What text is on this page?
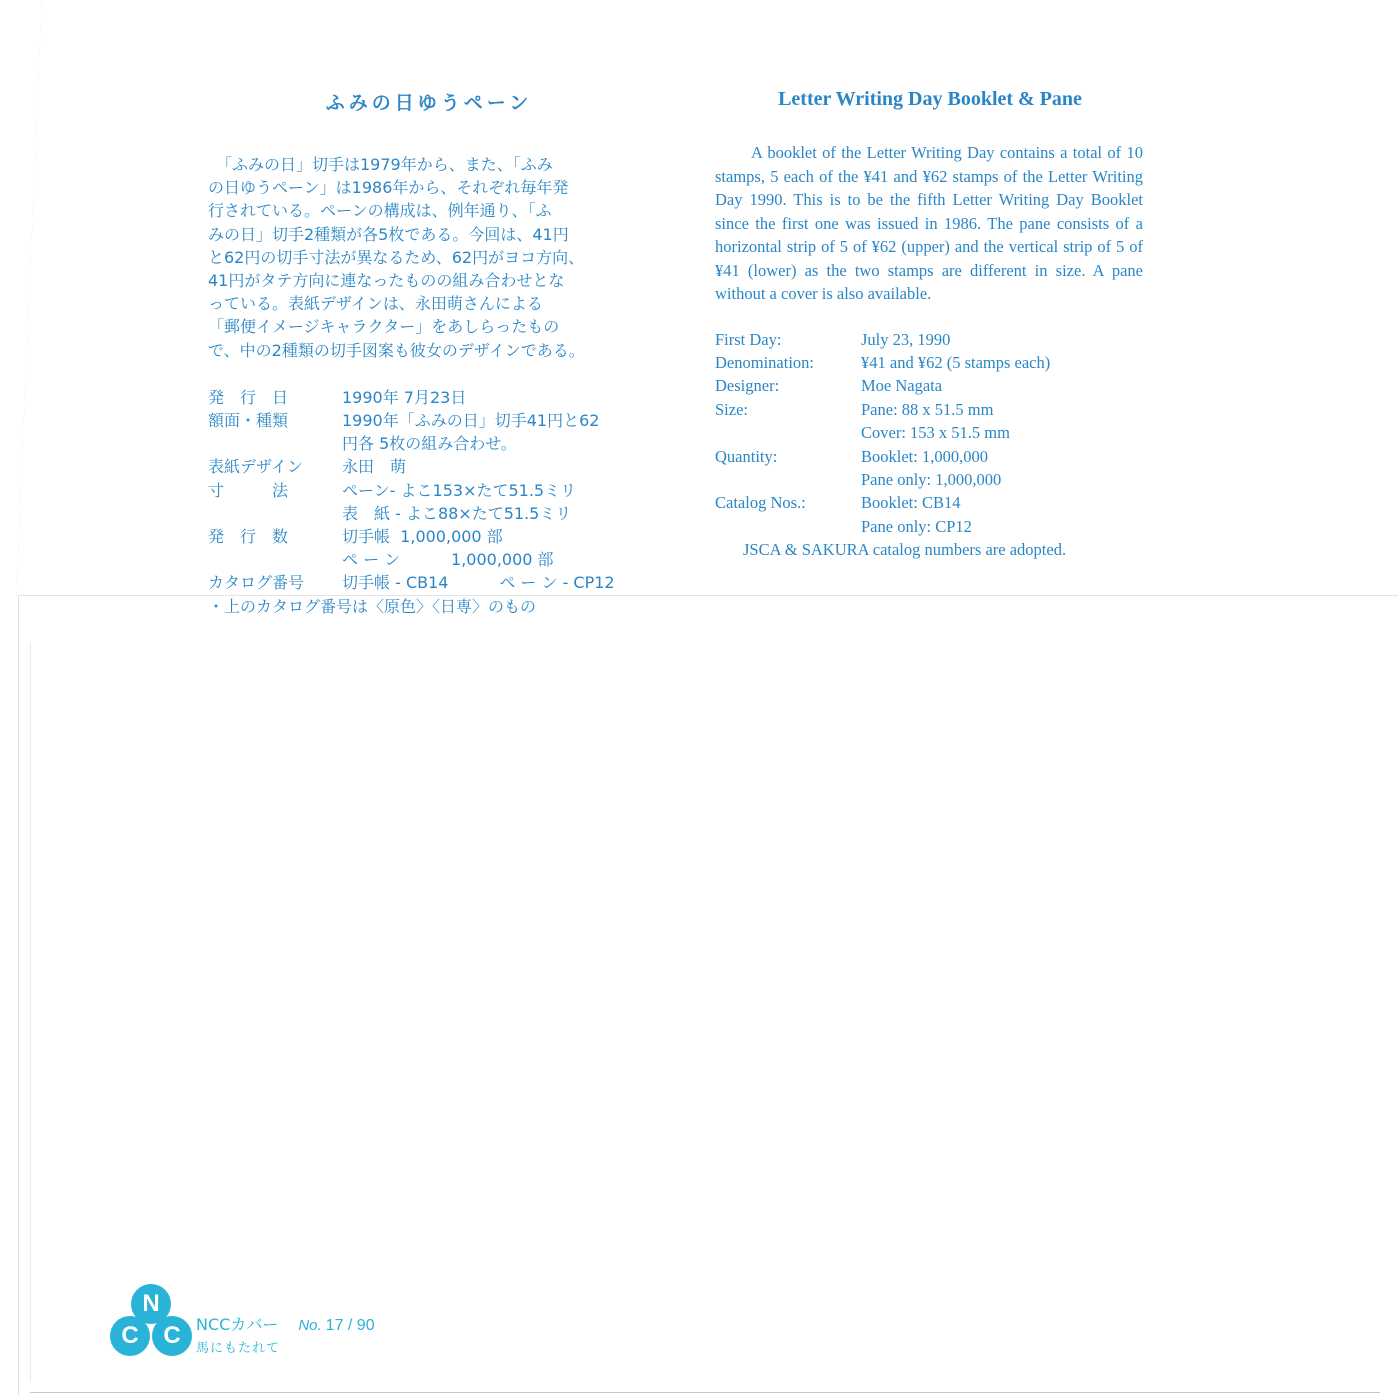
ふみの日ゆうペーン

　「ふみの日」切手は1979年から、また、「ふみ
の日ゆうペーン」は1986年から、それぞれ毎年発
行されている。ペーンの構成は、例年通り、「ふ
みの日」切手2種類が各5枚である。今回は、41円
と62円の切手寸法が異なるため、62円がヨコ方向、
41円がタテ方向に連なったものの組み合わせとな
っている。表紙デザインは、永田萌さんによる
「郵便イメージキャラクター」をあしらったもの
で、中の2種類の切手図案も彼女のデザインである。

発　行　日	1990年 7月23日
額面・種類	1990年「ふみの日」切手41円と62
円各 5枚の組み合わせ。
表紙デザイン	永田　萌
寸　　　法	ペーン- よこ153×たて51.5ミリ
表　紙 - よこ88×たて51.5ミリ
発　行　数	切手帳  1,000,000 部
ペ ー ン          1,000,000 部
カタログ番号	切手帳 - CB14          ペ ー ン - CP12
・上のカタログ番号は〈原色〉〈日専〉のもの
Letter Writing Day Booklet & Pane

A booklet of the Letter Writing Day contains a total of 10 stamps, 5 each of the ¥41 and ¥62 stamps of the Letter Writing Day 1990. This is to be the fifth Letter Writing Day Booklet since the first one was issued in 1986. The pane consists of a horizontal strip of 5 of ¥62 (upper) and the vertical strip of 5 of ¥41 (lower) as the two stamps are different in size. A pane without a cover is also available.

First Day:	July 23, 1990
Denomination:	¥41 and ¥62 (5 stamps each)
Designer:	Moe Nagata
Size:	Pane: 88 x 51.5 mm
Cover: 153 x 51.5 mm
Quantity:	Booklet: 1,000,000
Pane only: 1,000,000
Catalog Nos.:	Booklet: CB14
Pane only: CP12
JSCA & SAKURA catalog numbers are adopted.
N
C	C NCCカバー No. 17 / 90
馬にもたれて
